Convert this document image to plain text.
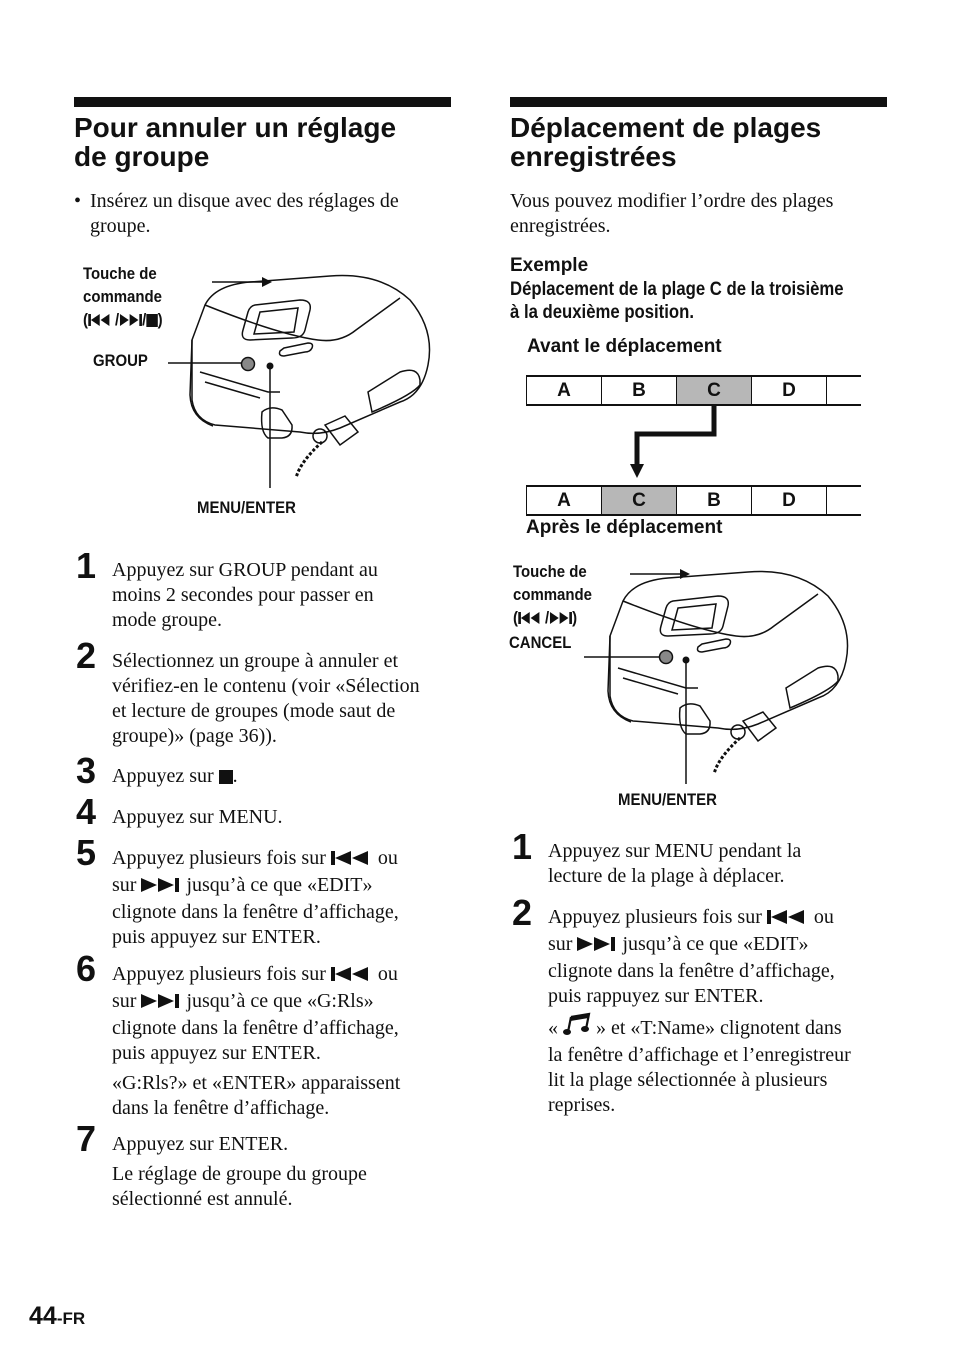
Pour annuler un réglage
de groupe
• Insérez un disque avec des réglages de
groupe.
Touche de
commande
( / / )
GROUP
MENU/ENTER
1 Appuyez sur GROUP pendant au
moins 2 secondes pour passer en
mode groupe.
2 Sélectionnez un groupe à annuler et
vérifiez-en le contenu (voir «Sélection
et lecture de groupes (mode saut de
groupe)» (page 36)).
3 Appuyez sur .
4 Appuyez sur MENU.
5 Appuyez plusieurs fois sur  ou
sur  jusqu’à ce que «EDIT»
clignote dans la fenêtre d’affichage,
puis appuyez sur ENTER.
6 Appuyez plusieurs fois sur  ou
sur  jusqu’à ce que «G:Rls»
clignote dans la fenêtre d’affichage,
puis appuyez sur ENTER.
«G:Rls?» et «ENTER» apparaissent
dans la fenêtre d’affichage.
7 Appuyez sur ENTER.
Le réglage de groupe du groupe
sélectionné est annulé.
Déplacement de plages
enregistrées
Vous pouvez modifier l’ordre des plages
enregistrées.
Exemple
Déplacement de la plage C de la troisième
à la deuxième position.
Avant le déplacement
A	B	C	D
A	C	B	D
Après le déplacement
Touche de
commande
( / )
CANCEL
MENU/ENTER
1 Appuyez sur MENU pendant la
lecture de la plage à déplacer.
2 Appuyez plusieurs fois sur  ou
sur  jusqu’à ce que «EDIT»
clignote dans la fenêtre d’affichage,
puis rappuyez sur ENTER.
«  » et «T:Name» clignotent dans
la fenêtre d’affichage et l’enregistreur
lit la plage sélectionnée à plusieurs
reprises.
44-FR
